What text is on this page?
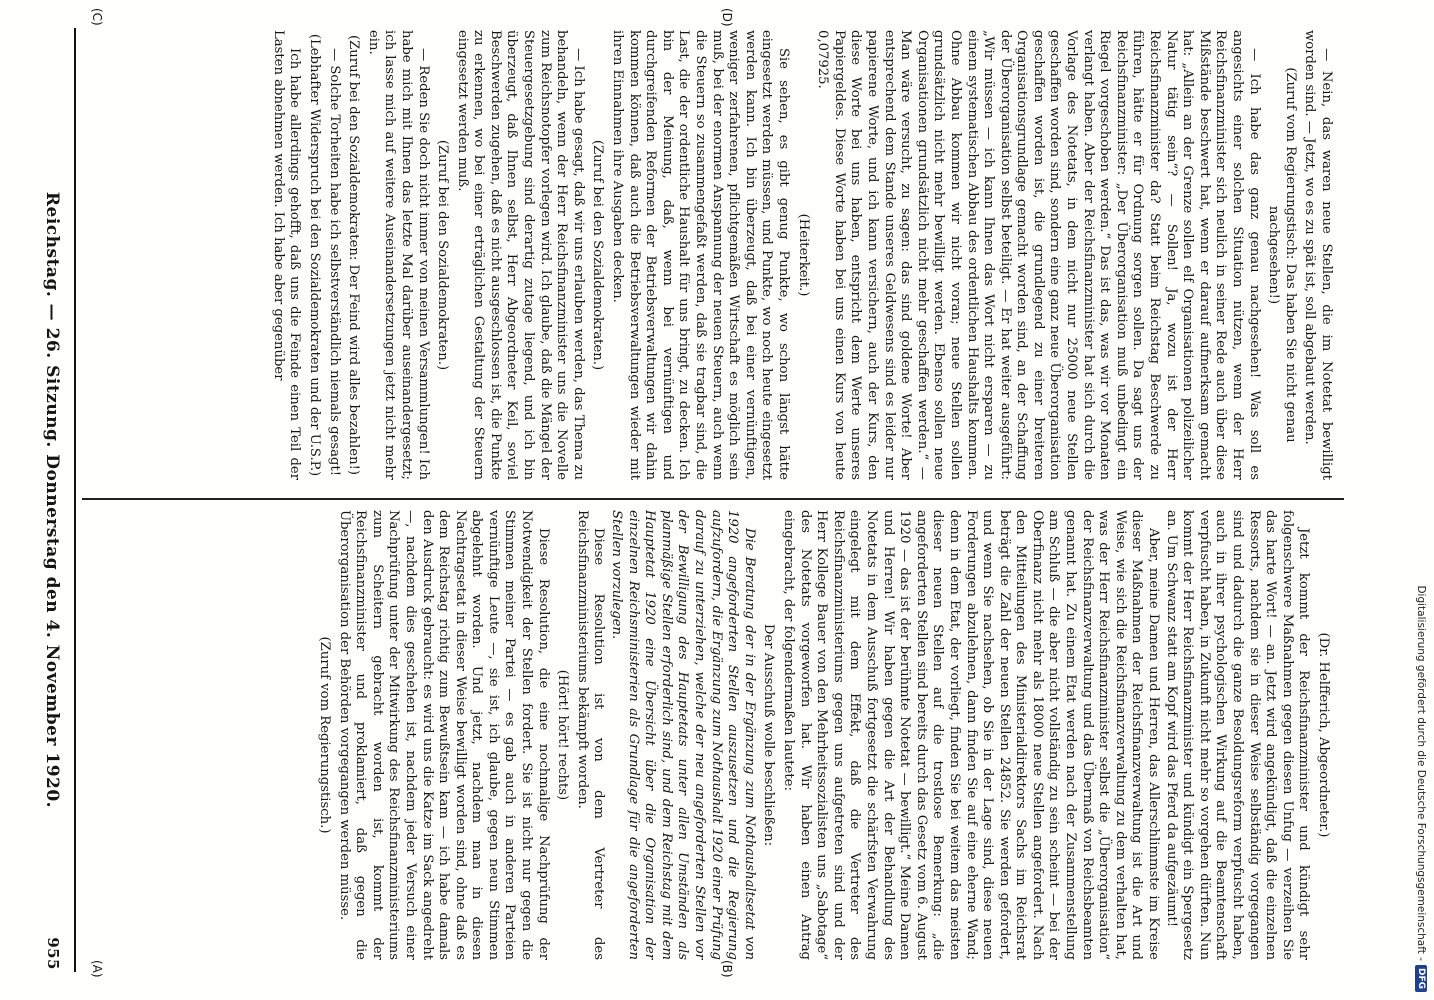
Reichstag. — 26. Sitzung. Donnerstag den 4. November 1920.
955 (A)	(B)
(C)	(D)

(Dr. Helfferich, Abgeordneter.)

Jetzt kommt der Reichsfinanzminister und kündigt sehr folgenschwere Maßnahmen gegen diesen Unfug — verzeihen Sie das harte Wort! — an. Jetzt wird angekündigt, daß die einzelnen Ressorts, nachdem sie in dieser Weise selbständig vorgegangen sind und dadurch die ganze Besoldungsreform verpfuscht haben, auch in ihrer psychologischen Wirkung auf die Beamtenschaft verpfuscht haben, in Zukunft nicht mehr so vorgehen dürften. Nun kommt der Herr Reichsfinanzminister und kündigt ein Spergesetz an. Um Schwanz statt am Kopf wird das Pferd da aufgezäumt!

Aber, meine Damen und Herren, das Allerschlimmste im Kreise dieser Maßnahmen der Reichsfinanzverwaltung ist die Art und Weise, wie sich die Reichsfinanzverwaltung zu dem verhalten hat, was der Herr Reichsfinanzminister selbst die „Überorganisation“ der Reichsfinanzverwaltung und das Übermaß von Reichsbeamten genannt hat. Zu einem Etat werden nach der Zusammenstellung am Schluß — die aber nicht vollständig zu sein scheint — bei der Oberfinanz nicht mehr als 18000 neue Stellen angefordert. Nach den Mitteilungen des Ministerialdirektors Sachs im Reichsrat beträgt die Zahl der neuen Stellen 24852. Sie werden gefordert, und wenn Sie nachsehen, ob Sie in der Lage sind, diese neuen Forderungen abzulehnen, dann finden Sie auf eine eherne Wand; denn in dem Etat, der vorliegt, finden Sie bei weitem das meisten dieser neuen Stellen auf die trostlose Bemerkung: „die angeforderten Stellen sind bereits durch das Gesetz vom 6. August 1920 — das ist der berühmte Notetat — bewilligt.“ Meine Damen und Herren! Wir haben gegen die Art der Behandlung des Notetats in dem Ausschuß fortgesetzt die schärfsten Verwahrung eingelegt mit dem Effekt, daß die Vertreter des Reichsfinanzministeriums gegen uns aufgetreten sind und der Herr Kollege Bauer von den Mehrheitssozialisten uns „Sabotage“ des Notetats vorgeworfen hat. Wir haben einen Antrag eingebracht, der folgendermaßen lautete:

Der Ausschuß wolle beschließen:

Die Beratung der in der Ergänzung zum Nothaushaltsetat von 1920 angeforderten Stellen auszusetzen und die Regierung aufzufordern, die Ergänzung zum Nothaushalt 1920 einer Prüfung darauf zu unterziehen, welche der neu angeforderten Stellen vor der Bewilligung des Hauptetats unter allen Umständen als planmäßige Stellen erforderlich sind, und dem Reichstag mit dem Hauptetat 1920 eine Übersicht über die Organisation der einzelnen Reichsministerien als Grundlage für die angeforderten Stellen vorzulegen.

Diese Resolution ist von dem Vertreter des Reichsfinanzministeriums bekämpft worden.

(Hört! hört! rechts)

Diese Resolution, die eine nochmalige Nachprüfung der Notwendigkeit der Stellen fordert. Sie ist nicht nur gegen die Stimmen meiner Partei — es gab auch in anderen Parteien vernünftige Leute —, sie ist, ich glaube, gegen neun Stimmen abgelehnt worden. Und jetzt, nachdem man in diesen Nachtragsetat in dieser Weise bewilligt worden sind, ohne daß es dem Reichstag richtig zum Bewußtsein kam — ich habe damals den Ausdruck gebraucht: es wird uns die Katze im Sack angedreht —, nachdem dies geschehen ist, nachdem jeder Versuch einer Nachprüfung unter der Mitwirkung des Reichsfinanzministeriums zum Scheitern gebracht worden ist, kommt der Reichsfinanzminister und proklamiert, daß gegen die Überorganisation der Behörden vorgegangen werden müsse.

(Zuruf vom Regierungstisch.)

— Nein, das waren neue Stellen, die im Notetat bewilligt worden sind. — Jetzt, wo es zu spät ist, soll abgebaut werden.

(Zuruf vom Regierungstisch: Das haben Sie nicht genau nachgesehen!)

— Ich habe das ganz genau nachgesehen! Was soll es angesichts einer solchen Situation nützen, wenn der Herr Reichsfinanzminister sich neulich in seiner Rede auch über diese Mißstände beschwert hat, wenn er darauf aufmerksam gemacht hat: „Allein an der Grenze sollen elf Organisationen polizeilicher Natur tätig sein“? — Sollen! Ja, wozu ist der Herr Reichsfinanzminister da? Statt beim Reichstag Beschwerde zu führen, hätte er für Ordnung sorgen sollen. Da sagt uns der Reichsfinanzminister: „Der Überorganisation muß unbedingt ein Riegel vorgeschoben werden.“ Das ist das, was wir vor Monaten verlangt haben. Aber der Reichsfinanzminister hat sich durch die Vorlage des Notetats, in dem nicht nur 25000 neue Stellen geschaffen worden sind, sondern eine ganz neue Überorganisation geschaffen worden ist, die grundlegend zu einer breiteren Organisationsgrundlage gemacht worden sind, an der Schaffung der Überorganisation selbst beteiligt. — Er hat weiter ausgeführt: „Wir müssen — ich kann Ihnen das Wort nicht ersparen — zu einem systematischen Abbau des ordentlichen Haushalts kommen. Ohne Abbau kommen wir nicht voran; neue Stellen sollen grundsätzlich nicht mehr bewilligt werden. Ebenso sollen neue Organisationen grundsätzlich nicht mehr geschaffen werden.“ — Man wäre versucht, zu sagen: das sind goldene Worte! Aber entsprechend dem Stande unseres Geldwesens sind es leider nur papierene Worte, und ich kann versichern, auch der Kurs, den diese Worte bei uns haben, entspricht dem Werte unseres Papiergeldes. Diese Worte haben bei uns einen Kurs von heute 0,07925.

(Heiterkeit.)

Sie sehen, es gibt genug Punkte, wo schon längst hätte eingesetzt werden müssen, und Punkte, wo noch heute eingesetzt werden kann. Ich bin überzeugt, daß bei einer vernünftigen, weniger zerfahrenen, pflichtgemäßen Wirtschaft es möglich sein muß, bei der enormen Anspannung der neuen Steuern, auch wenn die Steuern so zusammengefaßt werden, daß sie tragbar sind, die Last, die der ordentliche Haushalt für uns bringt, zu decken. Ich bin der Meinung, daß, wenn bei vernünftigen und durchgreifenden Reformen der Betriebsverwaltungen wir dahin kommen können, daß auch die Betriebsverwaltungen wieder mit ihren Einnahmen ihre Ausgaben decken.

(Zuruf bei den Sozialdemokraten.)

— Ich habe gesagt, daß wir uns erlauben werden, das Thema zu behandeln, wenn der Herr Reichsfinanzminister uns die Novelle zum Reichsnotopfer vorlegen wird. Ich glaube, daß die Mängel der Steuergesetzgebung sind derartig zutage liegend, und ich bin überzeugt, daß Ihnen selbst, Herr Abgeordneter Keil, soviel Beschwerden zugehen, daß es nicht ausgeschlossen ist, die Punkte zu erkennen, wo bei einer erträglichen Gestaltung der Steuern eingesetzt werden muß.

(Zuruf bei den Sozialdemokraten.)

— Reden Sie doch nicht immer von meinen Versammlungen! Ich habe mich mit Ihnen das letzte Mal darüber auseinandergesetzt; ich lasse mich auf weitere Auseinandersetzungen jetzt nicht mehr ein.

(Zuruf bei den Sozialdemokraten: Der Feind wird alles bezahlen!)

— Solche Torheiten habe ich selbstverständlich niemals gesagt!

(Lebhafter Widerspruch bei den Sozialdemokraten und der U.S.P.)

Ich habe allerdings gehofft, daß uns die Feinde einen Teil der Lasten abnehmen werden. Ich habe aber gegenüber

Digitalisierung gefördert durch die Deutsche Forschungsgemeinschaft -
DFG
